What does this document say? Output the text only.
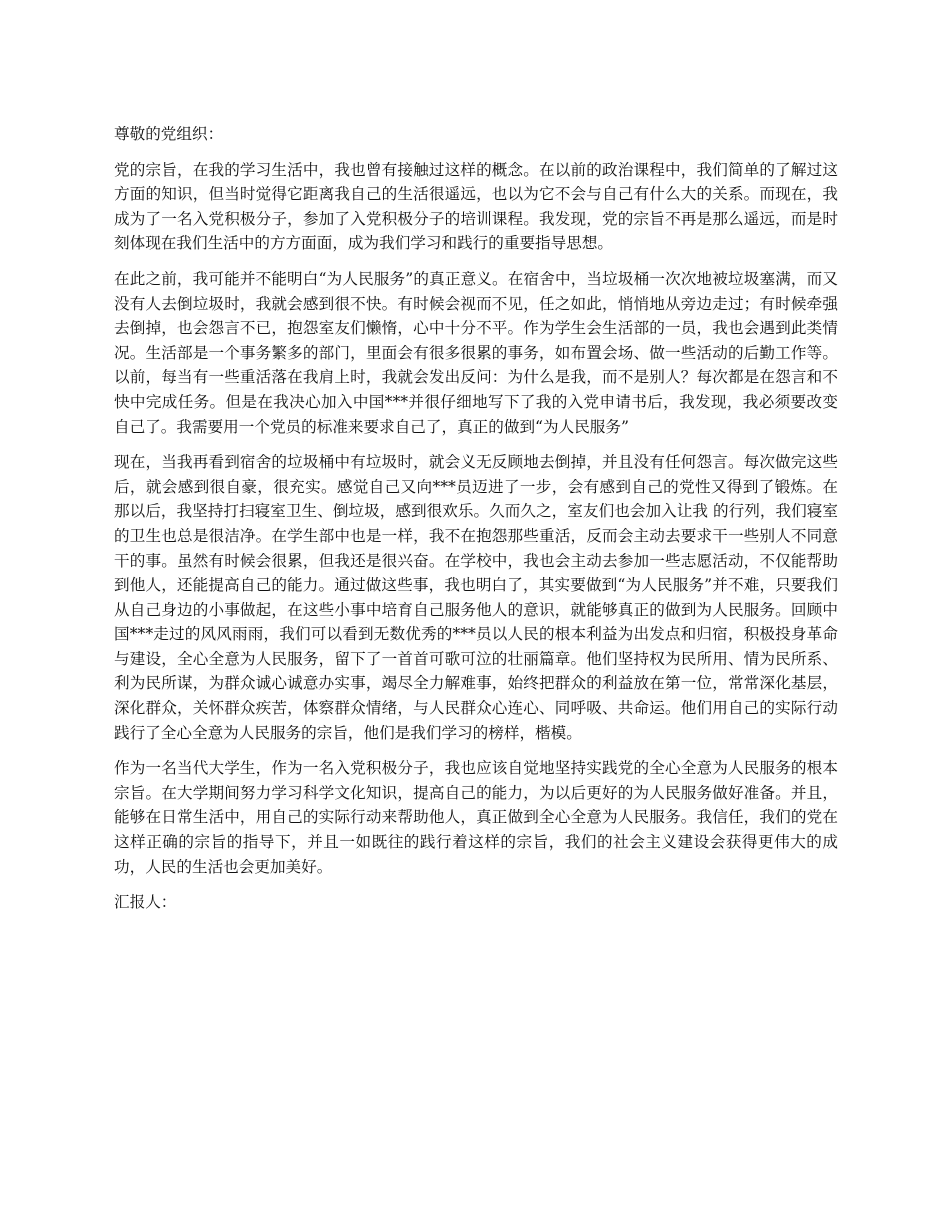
尊敬的党组织：

党的宗旨，在我的学习生活中，我也曾有接触过这样的概念。在以前的政治课程中，我们简单的了解过这方面的知识，但当时觉得它距离我自己的生活很遥远，也以为它不会与自己有什么大的关系。而现在，我成为了一名入党积极分子，参加了入党积极分子的培训课程。我发现，党的宗旨不再是那么遥远，而是时刻体现在我们生活中的方方面面，成为我们学习和践行的重要指导思想。

在此之前，我可能并不能明白“为人民服务”的真正意义。在宿舍中，当垃圾桶一次次地被垃圾塞满，而又没有人去倒垃圾时，我就会感到很不快。有时候会视而不见，任之如此，悄悄地从旁边走过；有时候牵强去倒掉，也会怨言不已，抱怨室友们懒惰，心中十分不平。作为学生会生活部的一员，我也会遇到此类情况。生活部是一个事务繁多的部门，里面会有很多很累的事务，如布置会场、做一些活动的后勤工作等。以前，每当有一些重活落在我肩上时，我就会发出反问：为什么是我，而不是别人？每次都是在怨言和不快中完成任务。但是在我决心加入中国***并很仔细地写下了我的入党申请书后，我发现，我必须要改变自己了。我需要用一个党员的标准来要求自己了，真正的做到“为人民服务”

现在，当我再看到宿舍的垃圾桶中有垃圾时，就会义无反顾地去倒掉，并且没有任何怨言。每次做完这些后，就会感到很自豪，很充实。感觉自己又向***员迈进了一步，会有感到自己的党性又得到了锻炼。在那以后，我坚持打扫寝室卫生、倒垃圾，感到很欢乐。久而久之，室友们也会加入让我 的行列，我们寝室的卫生也总是很洁净。在学生部中也是一样，我不在抱怨那些重活，反而会主动去要求干一些别人不同意干的事。虽然有时候会很累，但我还是很兴奋。在学校中，我也会主动去参加一些志愿活动，不仅能帮助到他人，还能提高自己的能力。通过做这些事，我也明白了，其实要做到“为人民服务”并不难，只要我们从自己身边的小事做起，在这些小事中培育自己服务他人的意识，就能够真正的做到为人民服务。回顾中国***走过的风风雨雨，我们可以看到无数优秀的***员以人民的根本利益为出发点和归宿，积极投身革命与建设，全心全意为人民服务，留下了一首首可歌可泣的壮丽篇章。他们坚持权为民所用、情为民所系、利为民所谋，为群众诚心诚意办实事，竭尽全力解难事，始终把群众的利益放在第一位，常常深化基层，深化群众，关怀群众疾苦，体察群众情绪，与人民群众心连心、同呼吸、共命运。他们用自己的实际行动践行了全心全意为人民服务的宗旨，他们是我们学习的榜样，楷模。

作为一名当代大学生，作为一名入党积极分子，我也应该自觉地坚持实践党的全心全意为人民服务的根本宗旨。在大学期间努力学习科学文化知识，提高自己的能力，为以后更好的为人民服务做好准备。并且，能够在日常生活中，用自己的实际行动来帮助他人，真正做到全心全意为人民服务。我信任，我们的党在这样正确的宗旨的指导下，并且一如既往的践行着这样的宗旨，我们的社会主义建设会获得更伟大的成功，人民的生活也会更加美好。

汇报人：
